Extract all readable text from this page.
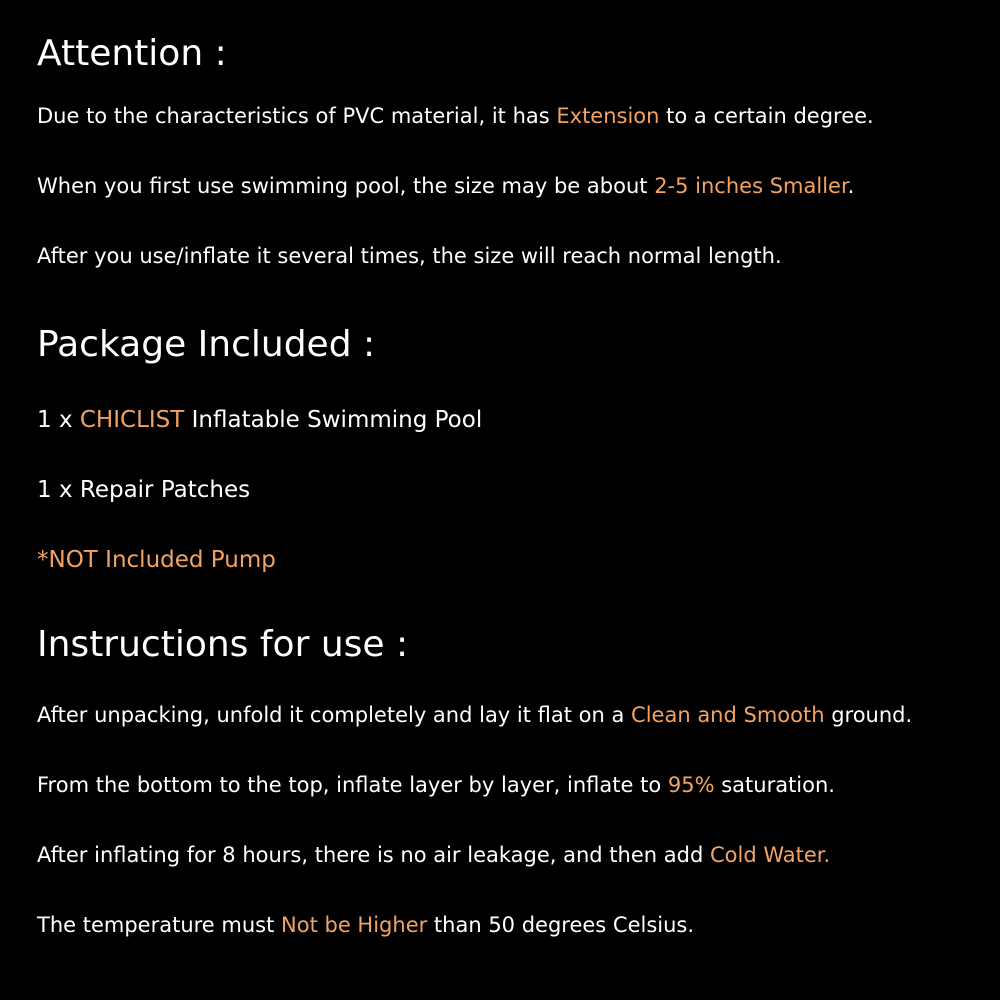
Attention :

Due to the characteristics of PVC material, it has Extension to a certain degree.

When you first use swimming pool, the size may be about 2-5 inches Smaller.

After you use/inflate it several times, the size will reach normal length.

Package Included :

1 x CHICLIST Inflatable Swimming Pool

1 x Repair Patches

*NOT Included Pump

Instructions for use :

After unpacking, unfold it completely and lay it flat on a Clean and Smooth ground.

From the bottom to the top, inflate layer by layer, inflate to 95% saturation.

After inflating for 8 hours, there is no air leakage, and then add Cold Water.

The temperature must Not be Higher than 50 degrees Celsius.
